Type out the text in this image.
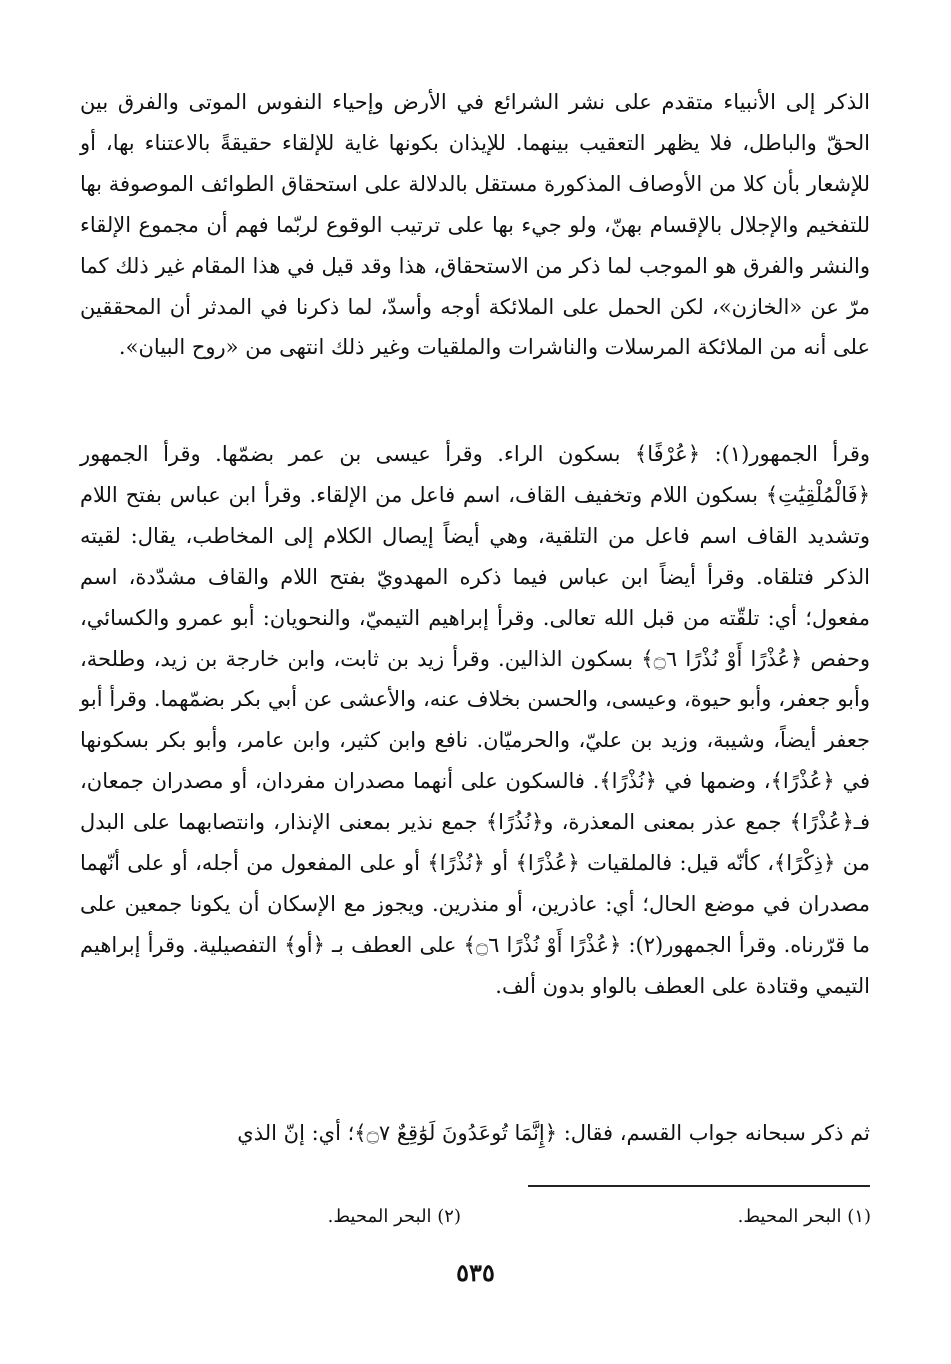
الذكر إلى الأنبياء متقدم على نشر الشرائع في الأرض وإحياء النفوس الموتى والفرق بين الحقّ والباطل، فلا يظهر التعقيب بينهما. للإيذان بكونها غاية للإلقاء حقيقةً بالاعتناء بها، أو للإشعار بأن كلا من الأوصاف المذكورة مستقل بالدلالة على استحقاق الطوائف الموصوفة بها للتفخيم والإجلال بالإقسام بهنّ، ولو جيء بها على ترتيب الوقوع لربّما فهم أن مجموع الإلقاء والنشر والفرق هو الموجب لما ذكر من الاستحقاق، هذا وقد قيل في هذا المقام غير ذلك كما مرّ عن «الخازن»، لكن الحمل على الملائكة أوجه وأسدّ، لما ذكرنا في المدثر أن المحققين على أنه من الملائكة المرسلات والناشرات والملقيات وغير ذلك انتهى من «روح البيان».

وقرأ الجمهور(١): ﴿عُرْفًا﴾ بسكون الراء. وقرأ عيسى بن عمر بضمّها. وقرأ الجمهور ﴿فَالْمُلْقِيَٰتِ﴾ بسكون اللام وتخفيف القاف، اسم فاعل من الإلقاء. وقرأ ابن عباس بفتح اللام وتشديد القاف اسم فاعل من التلقية، وهي أيضاً إيصال الكلام إلى المخاطب، يقال: لقيته الذكر فتلقاه. وقرأ أيضاً ابن عباس فيما ذكره المهدويّ بفتح اللام والقاف مشدّدة، اسم مفعول؛ أي: تلقّته من قبل الله تعالى. وقرأ إبراهيم التيميّ، والنحويان: أبو عمرو والكسائي، وحفص ﴿عُذْرًا أَوْ نُذْرًا ۝٦﴾ بسكون الذالين. وقرأ زيد بن ثابت، وابن خارجة بن زيد، وطلحة، وأبو جعفر، وأبو حيوة، وعيسى، والحسن بخلاف عنه، والأعشى عن أبي بكر بضمّهما. وقرأ أبو جعفر أيضاً، وشيبة، وزيد بن عليّ، والحرميّان. نافع وابن كثير، وابن عامر، وأبو بكر بسكونها في ﴿عُذْرًا﴾، وضمها في ﴿نُذْرًا﴾. فالسكون على أنهما مصدران مفردان، أو مصدران جمعان، فـ﴿عُذْرًا﴾ جمع عذر بمعنى المعذرة، و﴿نُذُرًا﴾ جمع نذير بمعنى الإنذار، وانتصابهما على البدل من ﴿ذِكْرًا﴾، كأنّه قيل: فالملقيات ﴿عُذْرًا﴾ أو ﴿نُذْرًا﴾ أو على المفعول من أجله، أو على أنّهما مصدران في موضع الحال؛ أي: عاذرين، أو منذرين. ويجوز مع الإسكان أن يكونا جمعين على ما قرّرناه. وقرأ الجمهور(٢): ﴿عُذْرًا أَوْ نُذْرًا ۝٦﴾ على العطف بـ ﴿أو﴾ التفصيلية. وقرأ إبراهيم التيمي وقتادة على العطف بالواو بدون ألف.

ثم ذكر سبحانه جواب القسم، فقال: ﴿إِنَّمَا تُوعَدُونَ لَوَٰقِعٌ ۝٧﴾؛ أي: إنّ الذي

(١) البحر المحيط.
(٢) البحر المحيط.
٥٣٥
